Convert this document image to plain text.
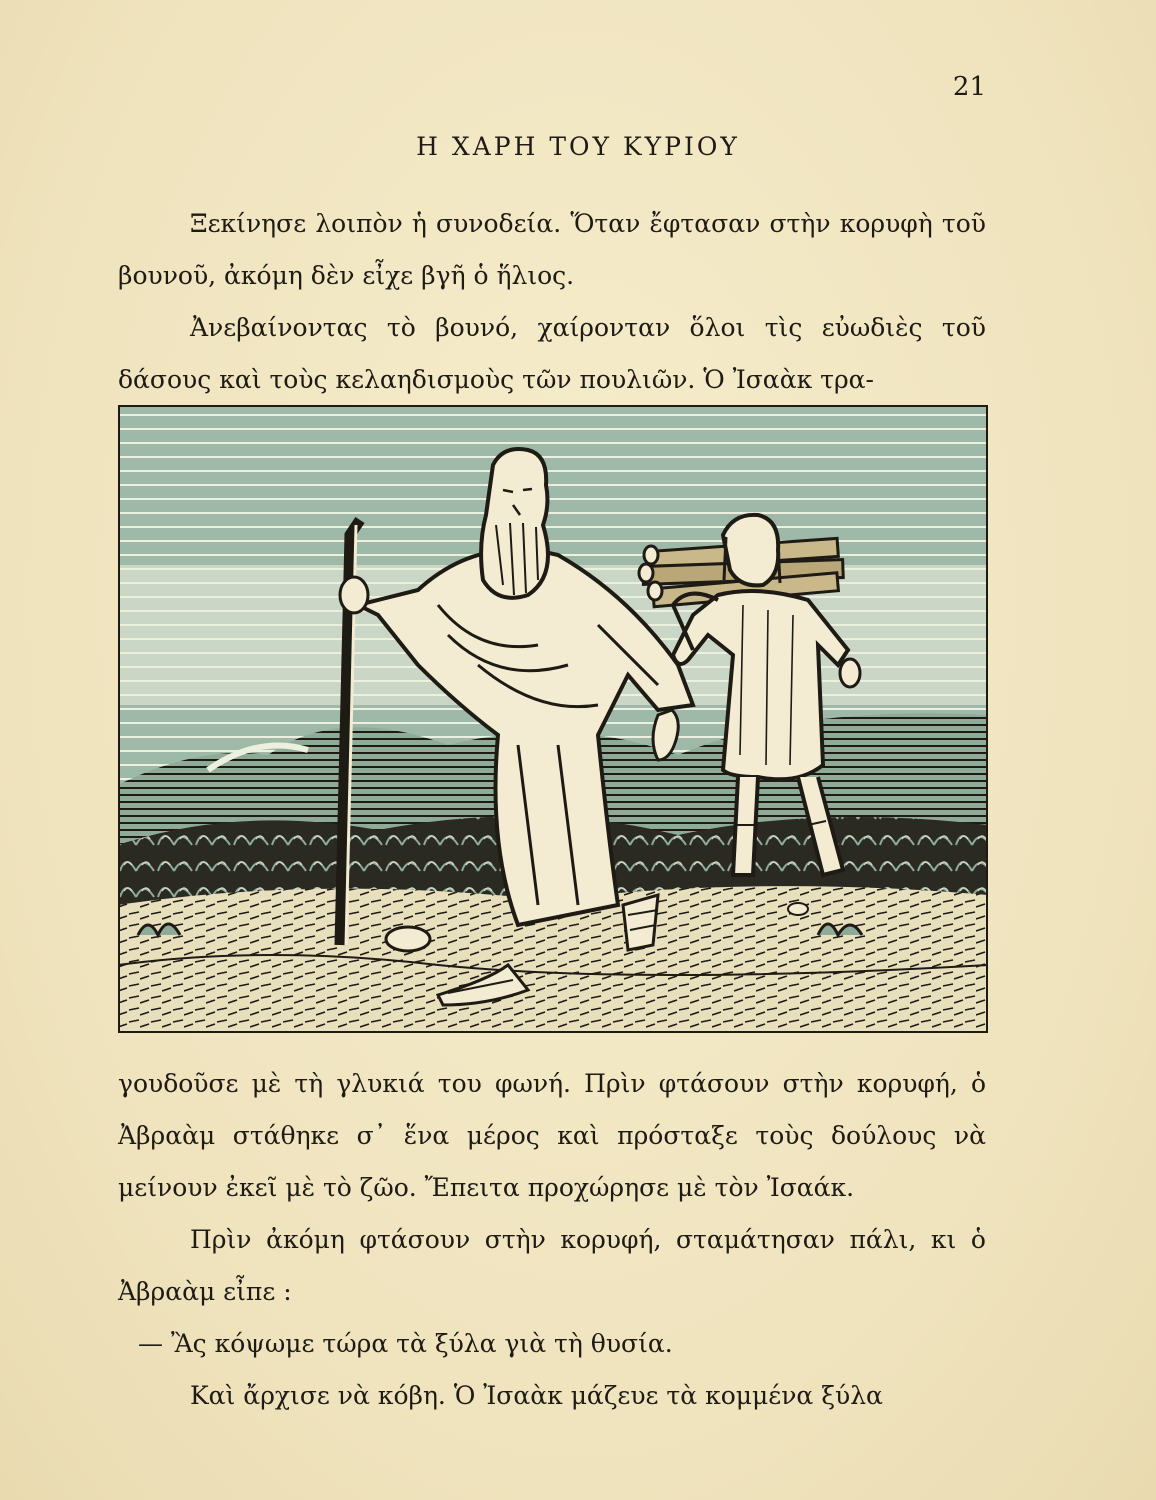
21
Η ΧΑΡΗ ΤΟΥ ΚΥΡΙΟΥ

Ξεκίνησε λοιπὸν ἡ συνοδεία. Ὅταν ἔφτασαν στὴν κορυφὴ τοῦ βουνοῦ, ἀκόμη δὲν εἶχε βγῆ ὁ ἥλιος.

Ἀνεβαίνοντας τὸ βουνό, χαίρονταν ὅλοι τὶς εὐωδιὲς τοῦ δάσους καὶ τοὺς κελαηδισμοὺς τῶν πουλιῶν. Ὁ Ἰσαὰκ τρα-

γουδοῦσε μὲ τὴ γλυκιά του φωνή. Πρὶν φτάσουν στὴν κορυφή, ὁ Ἀβραὰμ στάθηκε σ᾿ ἕνα μέρος καὶ πρόσταξε τοὺς δούλους νὰ μείνουν ἐκεῖ μὲ τὸ ζῶο. Ἔπειτα προχώρησε μὲ τὸν Ἰσαάκ.

Πρὶν ἀκόμη φτάσουν στὴν κορυφή, σταμάτησαν πάλι, κι ὁ Ἀβραὰμ εἶπε :

— Ἂς κόψωμε τώρα τὰ ξύλα γιὰ τὴ θυσία.

Καὶ ἄρχισε νὰ κόβη. Ὁ Ἰσαὰκ μάζευε τὰ κομμένα ξύλα
